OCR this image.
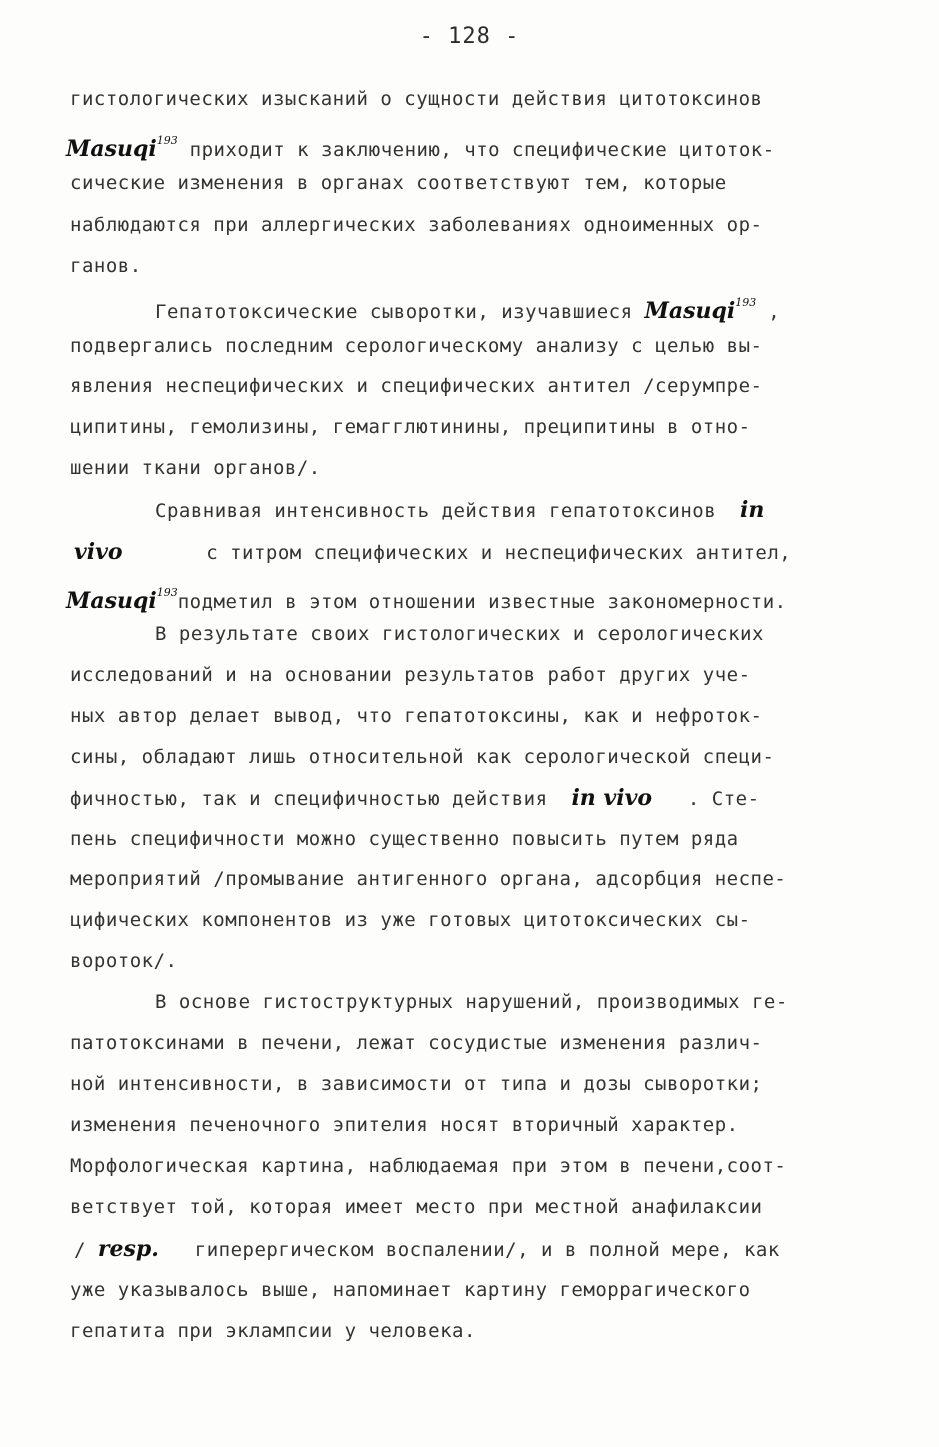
- 128 -
гистологических изысканий о сущности действия цитотоксинов
Masuqi$^{193}$ приходит к заключению, что специфические цитоток-
сические изменения в органах соответствуют тем, которые
наблюдаются при аллергических заболеваниях одноименных ор-
ганов.
Гепатотоксические сыворотки, изучавшиеся Masuqi$^{193}$ ,
подвергались последним серологическому анализу с целью вы-
явления неспецифических и специфических антител /серумпре-
ципитины, гемолизины, гемагглютинины, преципитины в отно-
шении ткани органов/.
Сравнивая интенсивность действия гепатотоксинов in
vivo	с титром специфических и неспецифических антител,
Masuqi$^{193}$подметил в этом отношении известные закономерности.
В результате своих гистологических и серологических
исследований и на основании результатов работ других уче-
ных автор делает вывод, что гепатотоксины, как и нефроток-
сины, обладают лишь относительной как серологической специ-
фичностью, так и специфичностью действия in vivo . Сте-
пень специфичности можно существенно повысить путем ряда
мероприятий /промывание антигенного органа, адсорбция неспе-
цифических компонентов из уже готовых цитотоксических сы-
вороток/.
В основе гистоструктурных нарушений, производимых ге-
патотоксинами в печени, лежат сосудистые изменения различ-
ной интенсивности, в зависимости от типа и дозы сыворотки;
изменения печеночного эпителия носят вторичный характер.
Морфологическая картина, наблюдаемая при этом в печени,соот-
ветствует той, которая имеет место при местной анафилаксии
/ resp. гиперергическом воспалении/, и в полной мере, как
уже указывалось выше, напоминает картину геморрагического
гепатита при эклампсии у человека.
